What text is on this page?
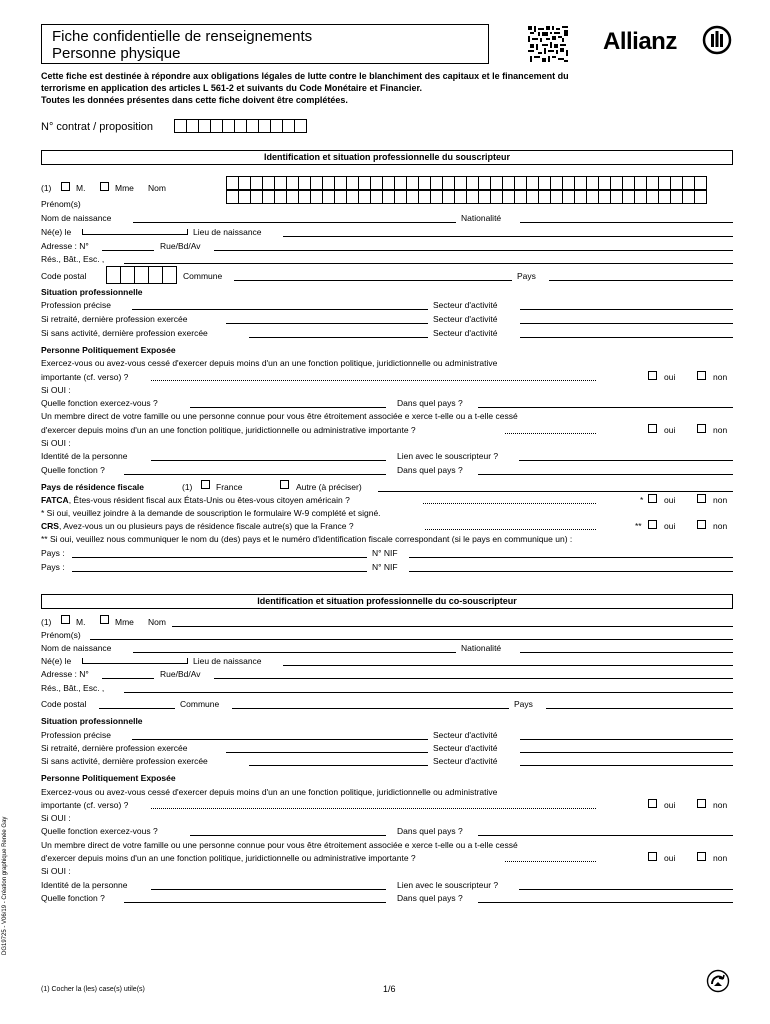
Fiche confidentielle de renseignements
Personne physique	Allianz
Cette fiche est destinée à répondre aux obligations légales de lutte contre le blanchiment des capitaux et le financement du
terrorisme en application des articles L 561-2 et suivants du Code Monétaire et Financier.
Toutes les données présentes dans cette fiche doivent être complétées.
N° contrat / proposition
Identification et situation professionnelle du souscripteur
(1)	M.	Mme Nom
Prénom(s)
Nom de naissance	Nationalité
Né(e) le	Lieu de naissance
Adresse : N°	Rue/Bd/Av
Rés., Bât., Esc. ,
Code postal	Commune	Pays
Situation professionnelle
Profession précise	Secteur d'activité
Si retraité, dernière profession exercée	Secteur d'activité
Si sans activité, dernière profession exercée	Secteur d'activité
Personne Politiquement Exposée
Exercez-vous ou avez-vous cessé d'exercer depuis moins d'un an une fonction politique, juridictionnelle ou administrative
importante (cf. verso) ?	oui	non
Si OUI :
Quelle fonction exercez-vous ?	Dans quel pays ?
Un membre direct de votre famille ou une personne connue pour vous être étroitement associée e xerce t-elle ou a t-elle cessé
d'exercer depuis moins d'un an une fonction politique, juridictionnelle ou administrative importante ?	oui	non
Si OUI :
Identité de la personne	Lien avec le souscripteur ?
Quelle fonction ?	Dans quel pays ?
Pays de résidence fiscale	(1)	France	Autre (à préciser)
FATCA, Êtes-vous résident fiscal aux États-Unis ou êtes-vous citoyen américain ?	* oui	non
* Si oui, veuillez joindre à la demande de souscription le formulaire W-9 complété et signé.
CRS, Avez-vous un ou plusieurs pays de résidence fiscale autre(s) que la France ?	**	oui	non
** Si oui, veuillez nous communiquer le nom du (des) pays et le numéro d'identification fiscale correspondant (si le pays en communique un) :
Pays :	N° NIF
Pays :	N° NIF
Identification et situation professionnelle du co-souscripteur
(1)	M.	Mme Nom
Prénom(s)
Nom de naissance	Nationalité
Né(e) le	Lieu de naissance
Adresse : N°	Rue/Bd/Av
Rés., Bât., Esc. ,
Code postal	Commune	Pays
Situation professionnelle
Profession précise	Secteur d'activité
Si retraité, dernière profession exercée	Secteur d'activité
Si sans activité, dernière profession exercée	Secteur d'activité
Personne Politiquement Exposée
Exercez-vous ou avez-vous cessé d'exercer depuis moins d'un an une fonction politique, juridictionnelle ou administrative
importante (cf. verso) ?	oui	non
Si OUI :
Quelle fonction exercez-vous ?	Dans quel pays ?
Un membre direct de votre famille ou une personne connue pour vous être étroitement associée e xerce t-elle ou a t-elle cessé
d'exercer depuis moins d'un an une fonction politique, juridictionnelle ou administrative importante ?	oui	non
Si OUI :
Identité de la personne	Lien avec le souscripteur ?
Quelle fonction ?	Dans quel pays ?
DG19725 - V06/19 - Création graphique Renée Gay
(1) Cocher la (les) case(s) utile(s)	1/6
